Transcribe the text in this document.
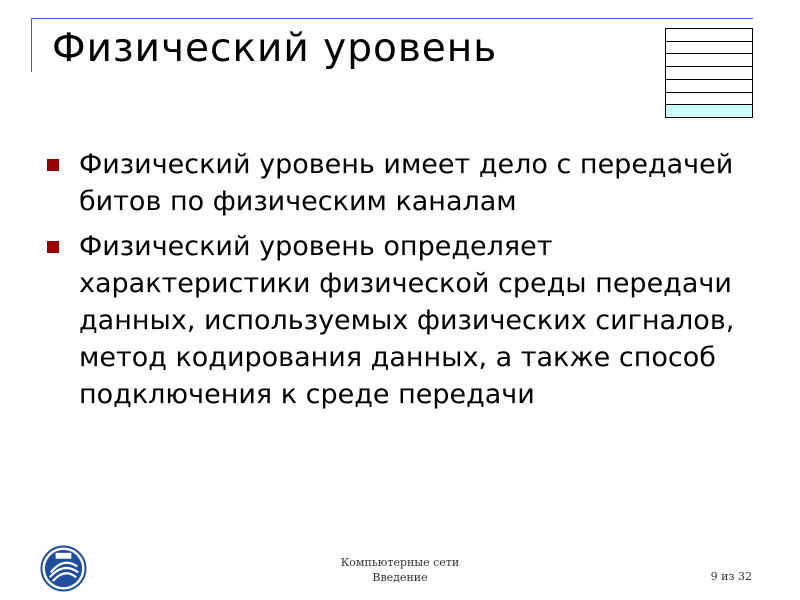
Физический уровень
Физический уровень имеет дело с передачей битов по физическим каналам
Физический уровень определяет характеристики физической среды передачи данных, используемых физических сигналов, метод кодирования данных, а также способ подключения к среде передачи
Компьютерные сети
Введение	9 из 32
